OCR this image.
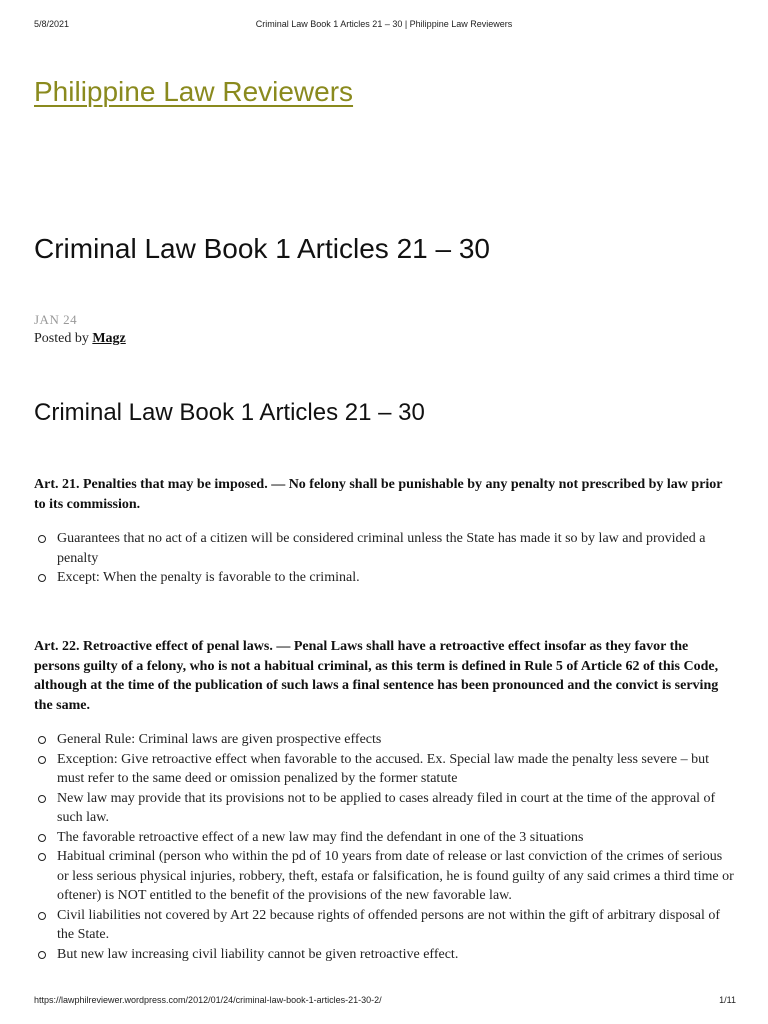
5/8/2021	Criminal Law Book 1 Articles 21 – 30 | Philippine Law Reviewers
Philippine Law Reviewers
Criminal Law Book 1 Articles 21 – 30
JAN 24
Posted by Magz
Criminal Law Book 1 Articles 21 – 30

Art. 21. Penalties that may be imposed. — No felony shall be punishable by any penalty not prescribed by law prior to its commission.

Guarantees that no act of a citizen will be considered criminal unless the State has made it so by law and provided a penalty
Except: When the penalty is favorable to the criminal.

Art. 22. Retroactive effect of penal laws. — Penal Laws shall have a retroactive effect insofar as they favor the persons guilty of a felony, who is not a habitual criminal, as this term is defined in Rule 5 of Article 62 of this Code, although at the time of the publication of such laws a final sentence has been pronounced and the convict is serving the same.

General Rule: Criminal laws are given prospective effects
Exception: Give retroactive effect when favorable to the accused. Ex. Special law made the penalty less severe – but must refer to the same deed or omission penalized by the former statute
New law may provide that its provisions not to be applied to cases already filed in court at the time of the approval of such law.
The favorable retroactive effect of a new law may find the defendant in one of the 3 situations
Habitual criminal (person who within the pd of 10 years from date of release or last conviction of the crimes of serious or less serious physical injuries, robbery, theft, estafa or falsification, he is found guilty of any said crimes a third time or oftener) is NOT entitled to the benefit of the provisions of the new favorable law.
Civil liabilities not covered by Art 22 because rights of offended persons are not within the gift of arbitrary disposal of the State.
But new law increasing civil liability cannot be given retroactive effect.
https://lawphilreviewer.wordpress.com/2012/01/24/criminal-law-book-1-articles-21-30-2/	1/11
